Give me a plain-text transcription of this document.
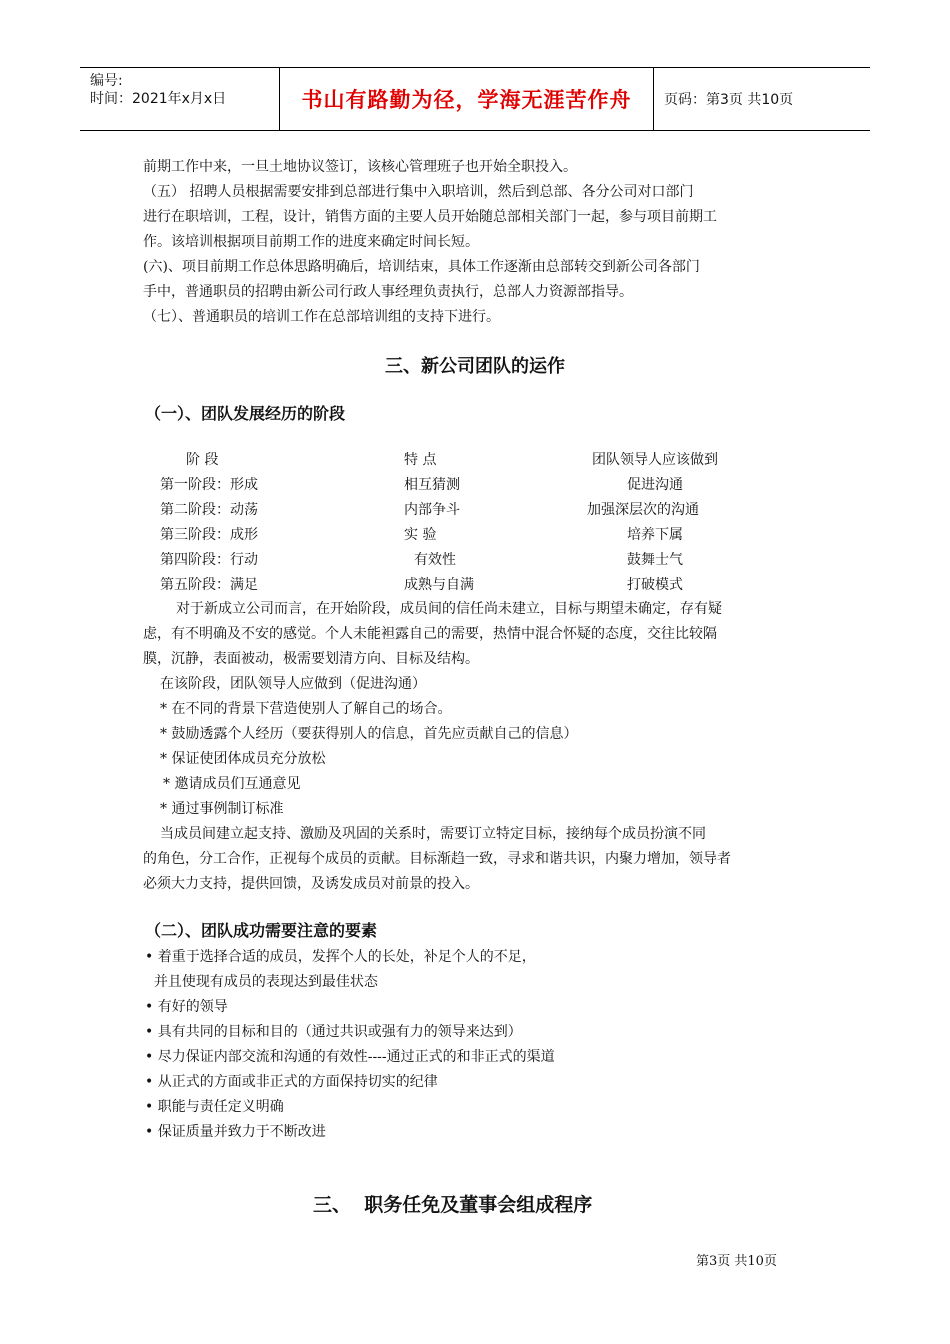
编号:
时间：2021年x月x日	书山有路勤为径，学海无涯苦作舟	页码：第3页 共10页
前期工作中来，一旦土地协议签订，该核心管理班子也开始全职投入。
（五） 招聘人员根据需要安排到总部进行集中入职培训，然后到总部、各分公司对口部门
进行在职培训，工程，设计，销售方面的主要人员开始随总部相关部门一起，参与项目前期工
作。该培训根据项目前期工作的进度来确定时间长短。
(六)、项目前期工作总体思路明确后，培训结束，具体工作逐渐由总部转交到新公司各部门
手中，普通职员的招聘由新公司行政人事经理负责执行，总部人力资源部指导。
（七）、普通职员的培训工作在总部培训组的支持下进行。
三、新公司团队的运作
（一）、团队发展经历的阶段
阶 段	特 点	团队领导人应该做到
第一阶段：形成	相互猜测	促进沟通
第二阶段：动荡	内部争斗	加强深层次的沟通
第三阶段：成形	实 验	培养下属
第四阶段：行动	有效性	鼓舞士气
第五阶段：满足	成熟与自满	打破模式
对于新成立公司而言，在开始阶段，成员间的信任尚未建立，目标与期望未确定，存有疑
虑，有不明确及不安的感觉。个人未能袒露自己的需要，热情中混合怀疑的态度，交往比较隔
膜，沉静，表面被动，极需要划清方向、目标及结构。
在该阶段，团队领导人应做到（促进沟通）
* 在不同的背景下营造使别人了解自己的场合。
* 鼓励透露个人经历（要获得别人的信息，首先应贡献自己的信息）
* 保证使团体成员充分放松
* 邀请成员们互通意见
* 通过事例制订标准
当成员间建立起支持、激励及巩固的关系时，需要订立特定目标，接纳每个成员扮演不同
的角色，分工合作，正视每个成员的贡献。目标渐趋一致，寻求和谐共识，内聚力增加，领导者
必须大力支持，提供回馈，及诱发成员对前景的投入。
（二）、团队成功需要注意的要素
• 着重于选择合适的成员，发挥个人的长处，补足个人的不足，
并且使现有成员的表现达到最佳状态
• 有好的领导
• 具有共同的目标和目的（通过共识或强有力的领导来达到）
• 尽力保证内部交流和沟通的有效性----通过正式的和非正式的渠道
• 从正式的方面或非正式的方面保持切实的纪律
• 职能与责任定义明确
• 保证质量并致力于不断改进
三、  职务任免及董事会组成程序
第3页 共10页
